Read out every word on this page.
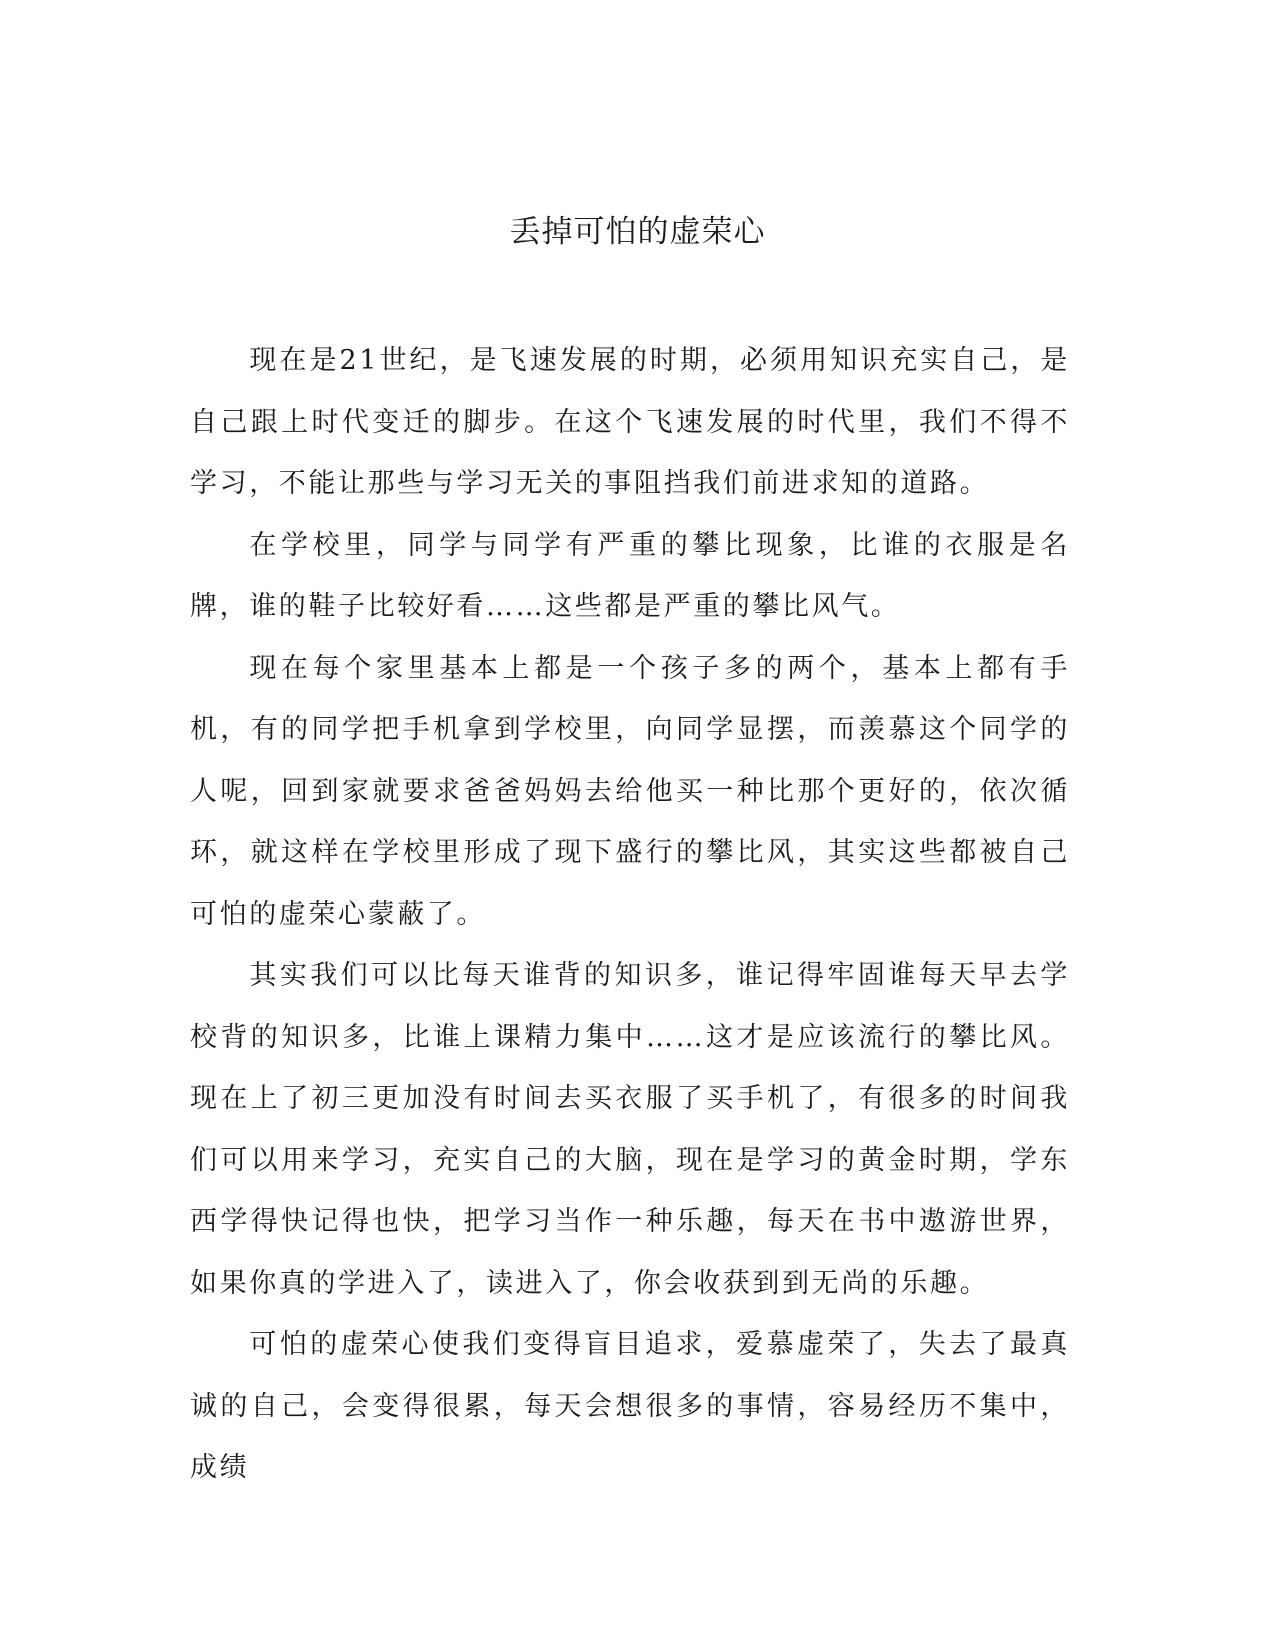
丢掉可怕的虚荣心

现在是21世纪，是飞速发展的时期，必须用知识充实自己，是自己跟上时代变迁的脚步。在这个飞速发展的时代里，我们不得不学习，不能让那些与学习无关的事阻挡我们前进求知的道路。

在学校里，同学与同学有严重的攀比现象，比谁的衣服是名牌，谁的鞋子比较好看……这些都是严重的攀比风气。

现在每个家里基本上都是一个孩子多的两个，基本上都有手机，有的同学把手机拿到学校里，向同学显摆，而羡慕这个同学的人呢，回到家就要求爸爸妈妈去给他买一种比那个更好的，依次循环，就这样在学校里形成了现下盛行的攀比风，其实这些都被自己可怕的虚荣心蒙蔽了。

其实我们可以比每天谁背的知识多，谁记得牢固谁每天早去学校背的知识多，比谁上课精力集中……这才是应该流行的攀比风。现在上了初三更加没有时间去买衣服了买手机了，有很多的时间我们可以用来学习，充实自己的大脑，现在是学习的黄金时期，学东西学得快记得也快，把学习当作一种乐趣，每天在书中遨游世界，如果你真的学进入了，读进入了，你会收获到到无尚的乐趣。

可怕的虚荣心使我们变得盲目追求，爱慕虚荣了，失去了最真诚的自己，会变得很累，每天会想很多的事情，容易经历不集中，成绩
